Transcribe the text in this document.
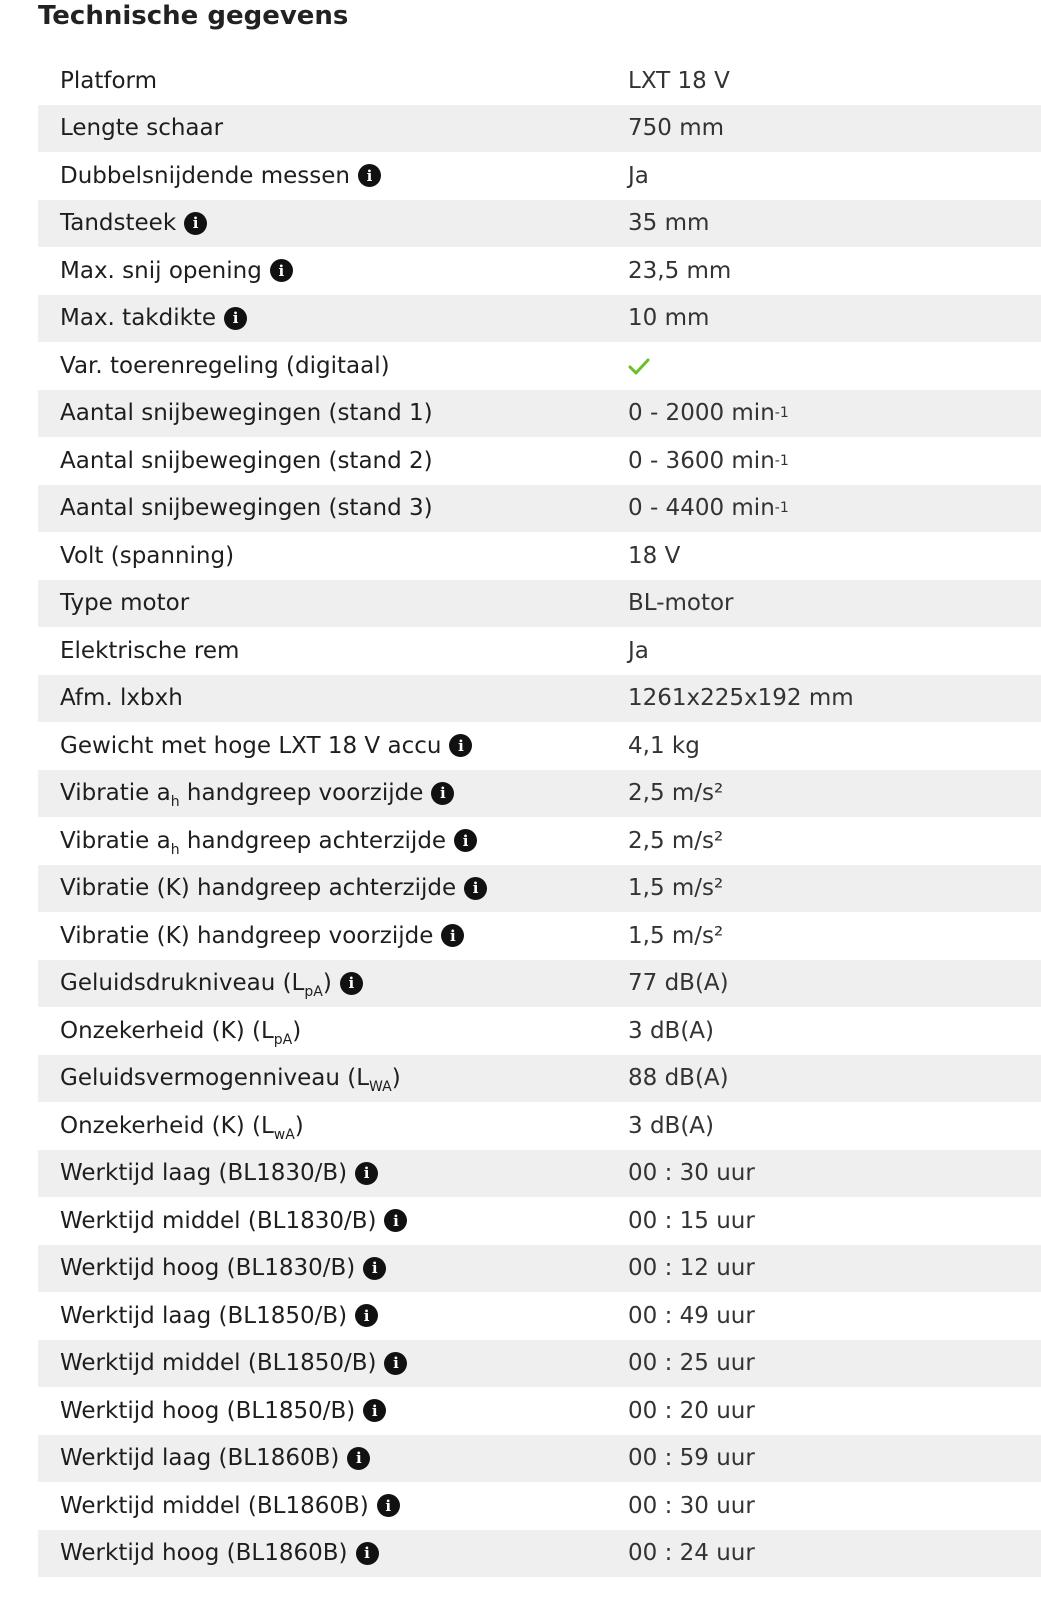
Technische gegevens
Platform	LXT 18 V
Lengte schaar	750 mm
Dubbelsnijdende messen	i	Ja
Tandsteek	i	35 mm
Max. snij opening	i	23,5 mm
Max. takdikte	i	10 mm
Var. toerenregeling (digitaal)
Aantal snijbewegingen (stand 1)	0 - 2000 min -1
Aantal snijbewegingen (stand 2)	0 - 3600 min -1
Aantal snijbewegingen (stand 3)	0 - 4400 min -1
Volt (spanning)	18 V
Type motor	BL-motor
Elektrische rem	Ja
Afm. lxbxh	1261x225x192 mm
Gewicht met hoge LXT 18 V accu	i	4,1 kg
Vibratie $a_h$ handgreep voorzijde	i	2,5 m/s²
Vibratie $a_h$ handgreep achterzijde	i	2,5 m/s²
Vibratie (K) handgreep achterzijde	i	1,5 m/s²
Vibratie (K) handgreep voorzijde	i	1,5 m/s²
Geluidsdrukniveau $(L_{pA})$	i	77 dB(A)
Onzekerheid (K) $(L_{pA})$	3 dB(A)
Geluidsvermogenniveau $(L_{WA})$	88 dB(A)
Onzekerheid (K) $(L_{wA})$	3 dB(A)
Werktijd laag (BL1830/B)	i	00 : 30 uur
Werktijd middel (BL1830/B)	i	00 : 15 uur
Werktijd hoog (BL1830/B)	i	00 : 12 uur
Werktijd laag (BL1850/B)	i	00 : 49 uur
Werktijd middel (BL1850/B)	i	00 : 25 uur
Werktijd hoog (BL1850/B)	i	00 : 20 uur
Werktijd laag (BL1860B)	i	00 : 59 uur
Werktijd middel (BL1860B)	i	00 : 30 uur
Werktijd hoog (BL1860B)	i	00 : 24 uur
